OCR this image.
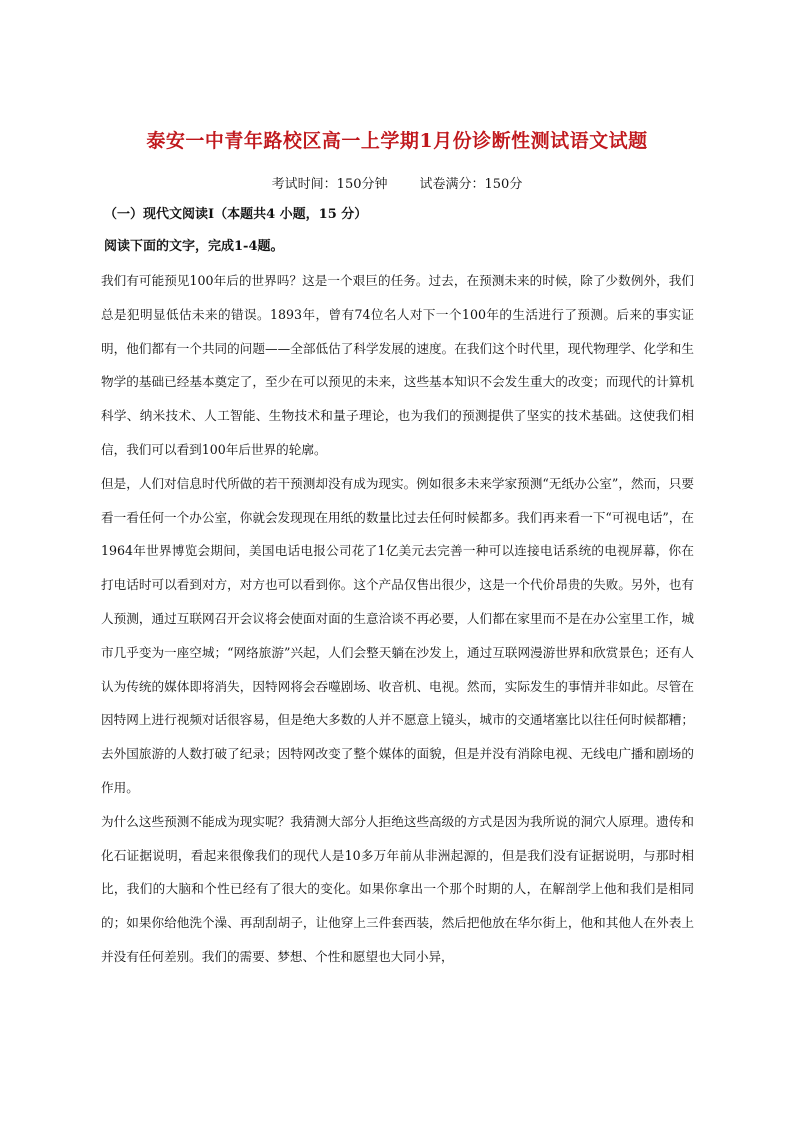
泰安一中青年路校区高一上学期1月份诊断性测试语文试题
考试时间：150分钟 试卷满分：150分
（一）现代文阅读Ⅰ（本题共4 小题，15 分）
阅读下面的文字，完成1-4题。

我们有可能预见100年后的世界吗？这是一个艰巨的任务。过去，在预测未来的时候，除了少数例外，我们总是犯明显低估未来的错误。1893年，曾有74位名人对下一个100年的生活进行了预测。后来的事实证明，他们都有一个共同的问题——全部低估了科学发展的速度。在我们这个时代里，现代物理学、化学和生物学的基础已经基本奠定了，至少在可以预见的未来，这些基本知识不会发生重大的改变；而现代的计算机科学、纳米技术、人工智能、生物技术和量子理论，也为我们的预测提供了坚实的技术基础。这使我们相信，我们可以看到100年后世界的轮廓。

但是，人们对信息时代所做的若干预测却没有成为现实。例如很多未来学家预测“无纸办公室”，然而，只要看一看任何一个办公室，你就会发现现在用纸的数量比过去任何时候都多。我们再来看一下“可视电话”，在1964年世界博览会期间，美国电话电报公司花了1亿美元去完善一种可以连接电话系统的电视屏幕，你在打电话时可以看到对方，对方也可以看到你。这个产品仅售出很少，这是一个代价昂贵的失败。另外，也有人预测，通过互联网召开会议将会使面对面的生意洽谈不再必要，人们都在家里而不是在办公室里工作，城市几乎变为一座空城；“网络旅游”兴起，人们会整天躺在沙发上，通过互联网漫游世界和欣赏景色；还有人认为传统的媒体即将消失，因特网将会吞噬剧场、收音机、电视。然而，实际发生的事情并非如此。尽管在因特网上进行视频对话很容易，但是绝大多数的人并不愿意上镜头，城市的交通堵塞比以往任何时候都糟；去外国旅游的人数打破了纪录；因特网改变了整个媒体的面貌，但是并没有消除电视、无线电广播和剧场的作用。

为什么这些预测不能成为现实呢？我猜测大部分人拒绝这些高级的方式是因为我所说的洞穴人原理。遗传和化石证据说明，看起来很像我们的现代人是10多万年前从非洲起源的，但是我们没有证据说明，与那时相比，我们的大脑和个性已经有了很大的变化。如果你拿出一个那个时期的人，在解剖学上他和我们是相同的；如果你给他洗个澡、再刮刮胡子，让他穿上三件套西装，然后把他放在华尔街上，他和其他人在外表上并没有任何差别。我们的需要、梦想、个性和愿望也大同小异，
